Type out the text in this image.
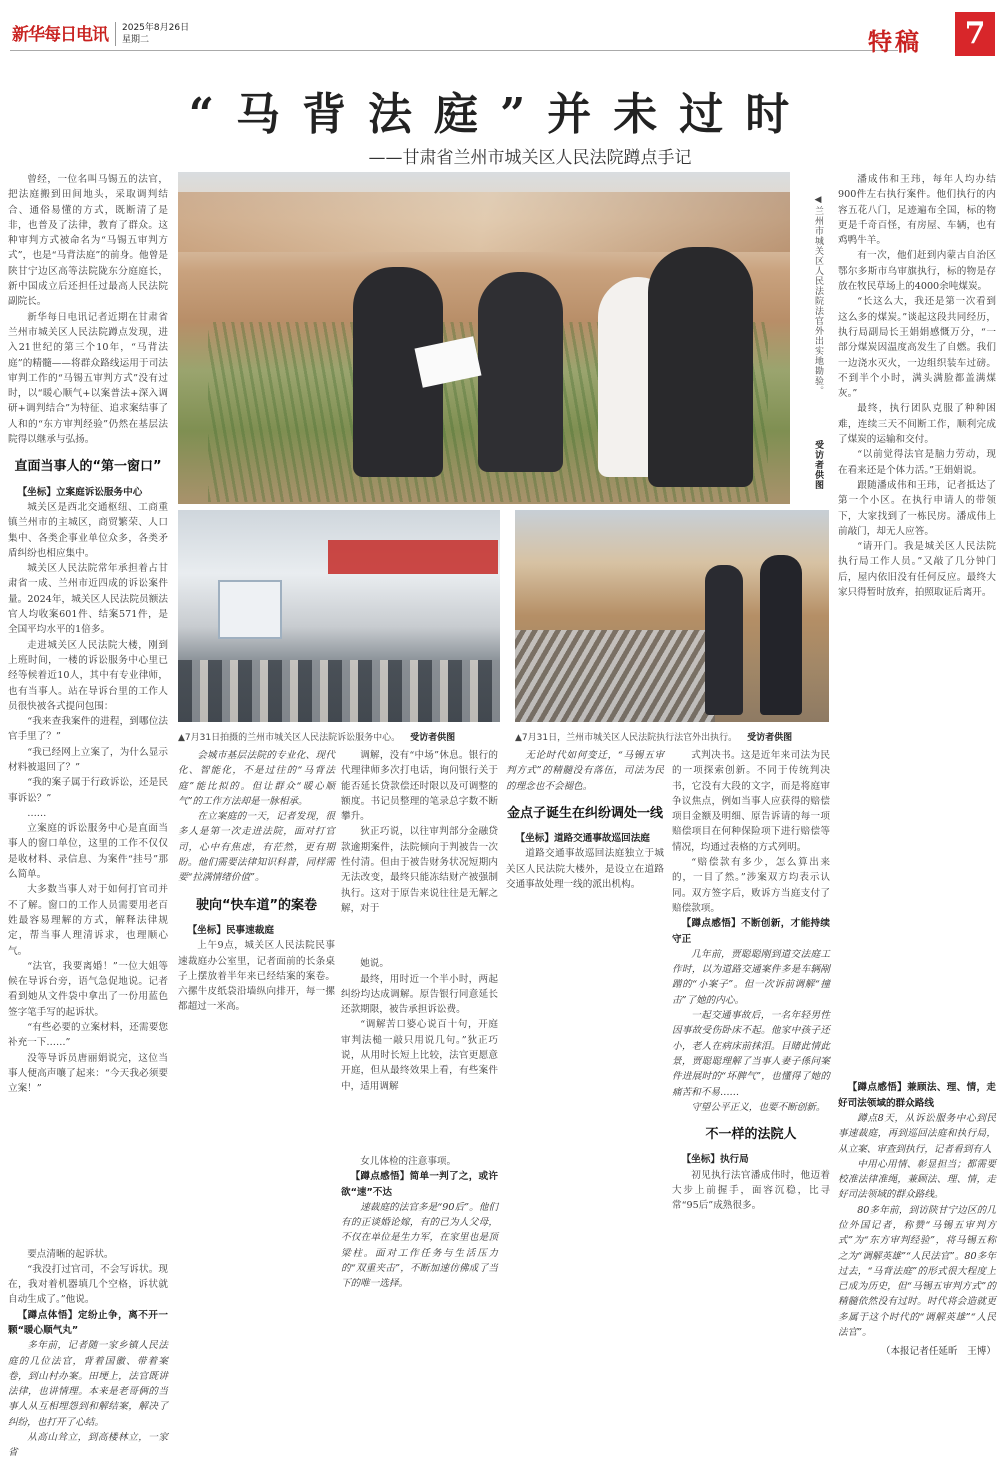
新华每日电讯 2025年8月26日
星期二	特稿	7
“马背法庭”并未过时
——甘肃省兰州市城关区人民法院蹲点手记
◀兰州市城关区人民法院法官外出实地勘验。
受访者供图
▲7月31日拍摄的兰州市城关区人民法院诉讼服务中心。 受访者供图	▲7月31日，兰州市城关区人民法院执行法官外出执行。 受访者供图

曾经，一位名叫马锡五的法官，把法庭搬到田间地头，采取调判结合、通俗易懂的方式，既断清了是非，也普及了法律，教育了群众。这种审判方式被命名为“马锡五审判方式”，也是“马背法庭”的前身。他曾是陕甘宁边区高等法院陇东分庭庭长，新中国成立后还担任过最高人民法院副院长。

新华每日电讯记者近期在甘肃省兰州市城关区人民法院蹲点发现，进入21世纪的第三个10年，“马背法庭”的精髓——将群众路线运用于司法审判工作的“马锡五审判方式”没有过时，以“暖心顺气+以案普法+深入调研+调判结合”为特征、追求案结事了人和的“东方审判经验”仍然在基层法院得以继承与弘扬。

直面当事人的“第一窗口”

【坐标】立案庭诉讼服务中心

城关区是西北交通枢纽、工商重镇兰州市的主城区，商贸繁荣、人口集中、各类企事业单位众多，各类矛盾纠纷也相应集中。

城关区人民法院常年承担着占甘肃省一成、兰州市近四成的诉讼案件量。2024年，城关区人民法院员额法官人均收案601件、结案571件，是全国平均水平的1倍多。

走进城关区人民法院大楼，刚到上班时间，一楼的诉讼服务中心里已经等候着近10人，其中有专业律师，也有当事人。站在导诉台里的工作人员很快被各式提问包围：

“我来查我案件的进程，到哪位法官手里了？”

“我已经网上立案了，为什么显示材料被退回了？”

“我的案子属于行政诉讼，还是民事诉讼？”

……

立案庭的诉讼服务中心是直面当事人的窗口单位，这里的工作不仅仅是收材料、录信息、为案件“挂号”那么简单。

大多数当事人对于如何打官司并不了解。窗口的工作人员需要用老百姓最容易理解的方式，解释法律规定，帮当事人理清诉求，也理顺心气。

“法官，我要离婚！”一位大姐等候在导诉台旁，语气急促地说。记者看到她从文件袋中拿出了一份用蓝色签字笔手写的起诉状。

“有些必要的立案材料，还需要您补充一下……”

没等导诉员唐丽娟说完，这位当事人便高声嚷了起来：“今天我必须要立案！”

要点清晰的起诉状。

“我没打过官司，不会写诉状。现在，我对着机器填几个空格，诉状就自动生成了。”他说。

【蹲点体悟】定纷止争，离不开一颗“暖心顺气丸”

多年前，记者随一家乡镇人民法庭的几位法官，背着国徽、带着案卷，到山村办案。田埂上，法官既讲法律，也讲情理。本来是老哥俩的当事人从互相埋怨到和解结案，解决了纠纷，也打开了心结。

从高山耸立，到高楼林立，一家省

会城市基层法院的专业化、现代化、智能化，不是过往的“马背法庭”能比拟的。但让群众“暖心顺气”的工作方法却是一脉相承。

在立案庭的一天，记者发现，很多人是第一次走进法院，面对打官司，心中有焦虑，有茫然，更有期盼。他们需要法律知识科普，同样需要“拉满情绪价值”。

驶向“快车道”的案卷

【坐标】民事速裁庭

上午9点，城关区人民法院民事速裁庭办公室里，记者面前的长条桌子上摆放着半年来已经结案的案卷。六摞牛皮纸袋沿墙纵向排开，每一摞都超过一米高。

调解，没有“中场”休息。银行的代理律师多次打电话，询问银行关于能否延长贷款偿还时限以及可调整的额度。书记员整理的笔录总字数不断攀升。

狄正巧说，以往审判部分金融贷款逾期案件，法院倾向于判被告一次性付清。但由于被告财务状况短期内无法改变，最终只能冻结财产被强制执行。这对于原告来说往往是无解之解，对于

她说。

最终，用时近一个半小时，两起纠纷均达成调解。原告银行同意延长还款期限，被告承担诉讼费。

“调解苦口婆心说百十句，开庭审判法槌一敲只用说几句。”狄正巧说，从用时长短上比较，法官更愿意开庭，但从最终效果上看，有些案件中，适用调解

女儿体检的注意事项。

【蹲点感悟】简单一判了之，或许欲“速”不达

速裁庭的法官多是“90后”。他们有的正谈婚论嫁，有的已为人父母，不仅在单位是生力军，在家里也是顶梁柱。面对工作任务与生活压力的“双重夹击”，不断加速仿佛成了当下的唯一选择。

无论时代如何变迁，“马锡五审判方式”的精髓没有落伍，司法为民的理念也不会褪色。

金点子诞生在纠纷调处一线

【坐标】道路交通事故巡回法庭

道路交通事故巡回法庭独立于城关区人民法院大楼外，是设立在道路交通事故处理一线的派出机构。

式判决书。这是近年来司法为民的一项探索创新。不同于传统判决书，它没有大段的文字，而是将庭审争议焦点，例如当事人应获得的赔偿项目金额及明细、原告诉请的每一项赔偿项目在何种保险项下进行赔偿等情况，均通过表格的方式列明。

“赔偿款有多少，怎么算出来的，一目了然。”涉案双方均表示认同。双方签字后，败诉方当庭支付了赔偿款项。

【蹲点感悟】不断创新，才能持续守正

几年前，贾聪聪刚到道交法庭工作时，以为道路交通案件多是车辆剐蹭的“小案子”。但一次诉前调解“撞击”了她的内心。

一起交通事故后，一名年轻男性因事故受伤卧床不起。他家中孩子还小，老人在病床前抹泪。目睹此情此景，贾聪聪理解了当事人妻子係问案件进展时的“坏脾气”，也懂得了她的痛苦和不易……

守望公平正义，也要不断创新。

不一样的法院人

【坐标】执行局

初见执行法官潘成伟时，他迈着大步上前握手，面容沉稳，比寻常“95后”成熟很多。

潘成伟和王玮，每年人均办结900件左右执行案件。他们执行的内容五花八门，足迹遍布全国，标的物更是千奇百怪，有房屋、车辆，也有鸡鸭牛羊。

有一次，他们赶到内蒙古自治区鄂尔多斯市乌审旗执行，标的物是存放在牧民草场上的4000余吨煤炭。

“长这么大，我还是第一次看到这么多的煤炭。”谈起这段共同经历，执行局副局长王娟娟感慨万分，“一部分煤炭因温度高发生了自燃。我们一边浇水灭火，一边组织装车过磅。不到半个小时，满头满脸都盖满煤灰。”

最终，执行团队克服了种种困难，连续三天不间断工作，顺利完成了煤炭的运输和交付。

“以前觉得法官是脑力劳动，现在看来还是个体力活。”王娟娟说。

跟随潘成伟和王玮，记者抵达了第一个小区。在执行申请人的带领下，大家找到了一栋民房。潘成伟上前敲门，却无人应答。

“请开门。我是城关区人民法院执行局工作人员。”又敲了几分钟门后，屋内依旧没有任何反应。最终大家只得暂时放弃，拍照取证后离开。

【蹲点感悟】兼顾法、理、情，走好司法领域的群众路线

蹲点8天，从诉讼服务中心到民事速裁庭，再到巡回法庭和执行局，从立案、审查到执行，记者看到有人

中用心用情、彰显担当；都需要校准法律准绳，兼顾法、理、情，走好司法领域的群众路线。

80多年前，到访陕甘宁边区的几位外国记者，称赞“马锡五审判方式”为“东方审判经验”，将马锡五称之为“调解英雄”“人民法官”。80多年过去，“马背法庭”的形式很大程度上已成为历史，但“马锡五审判方式”的精髓依然没有过时。时代将会造就更多属于这个时代的“调解英雄”“人民法官”。

（本报记者任延昕　王博）
